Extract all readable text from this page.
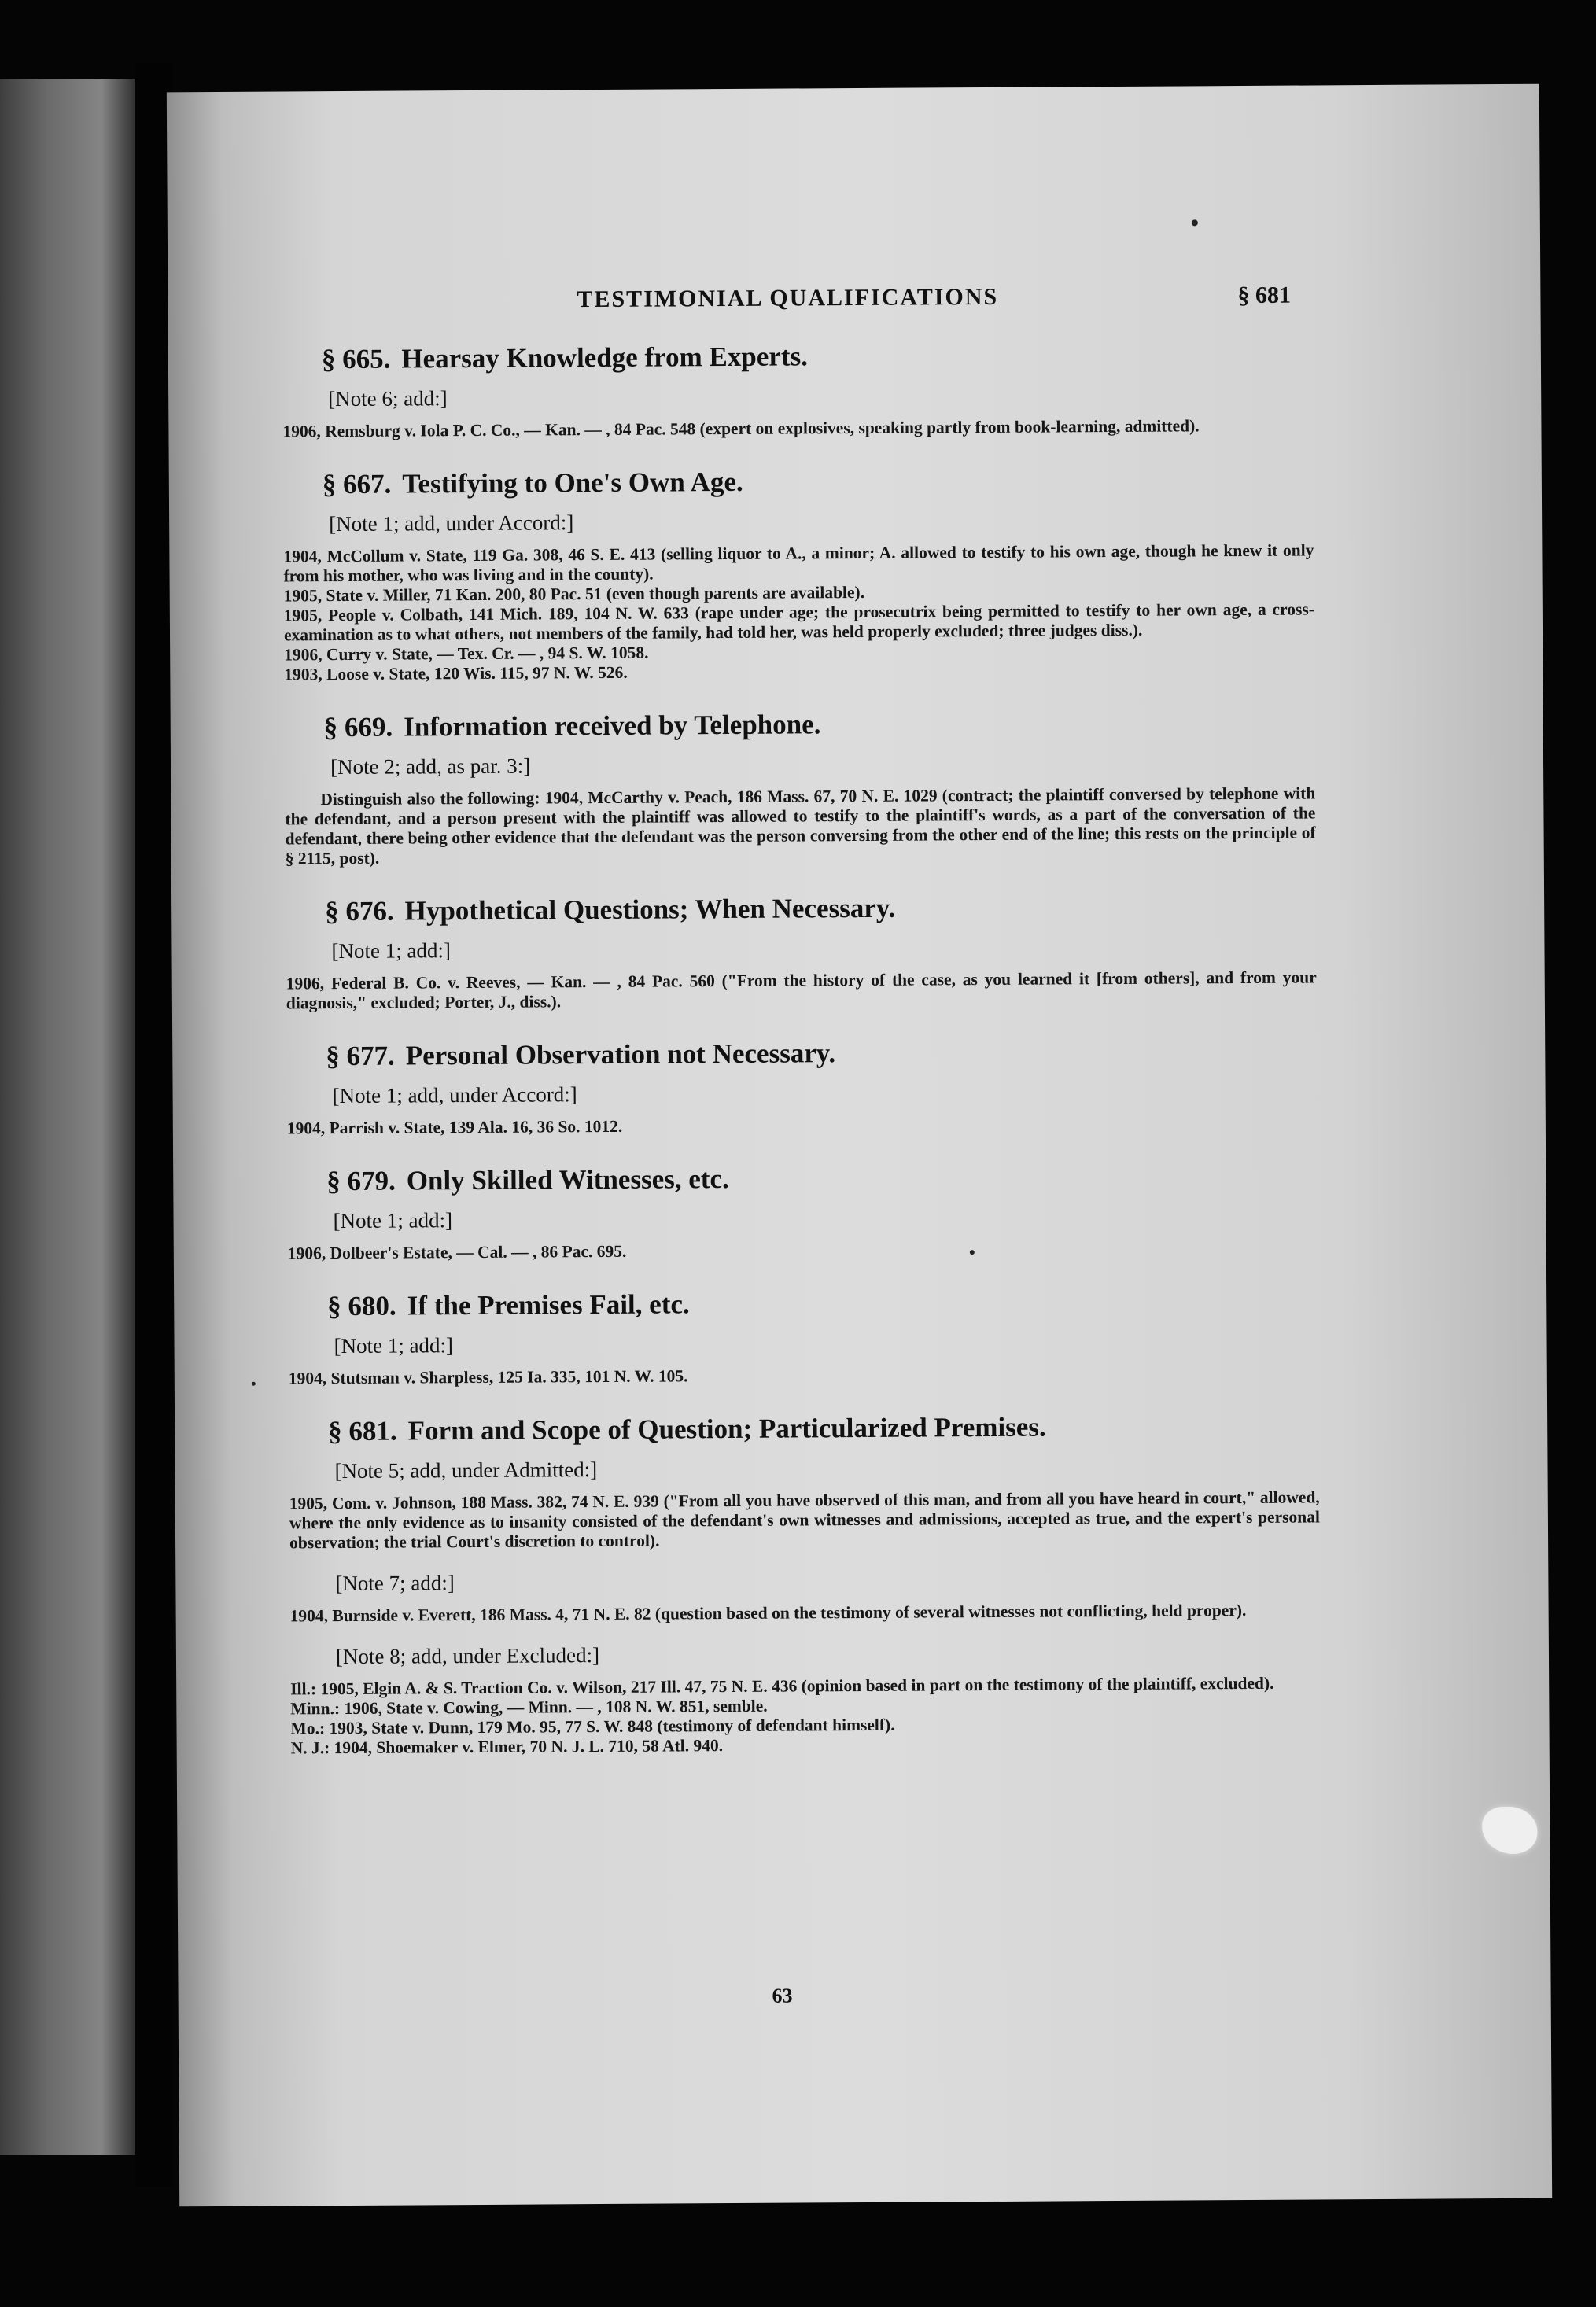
TESTIMONIAL QUALIFICATIONS	§ 681
§ 665. Hearsay Knowledge from Experts.
[Note 6; add:]

1906, Remsburg v. Iola P. C. Co., — Kan. — , 84 Pac. 548 (expert on explosives, speaking partly from book-learning, admitted).

§ 667. Testifying to One's Own Age.
[Note 1; add, under Accord:]

1904, McCollum v. State, 119 Ga. 308, 46 S. E. 413 (selling liquor to A., a minor; A. allowed to testify to his own age, though he knew it only from his mother, who was living and in the county).

1905, State v. Miller, 71 Kan. 200, 80 Pac. 51 (even though parents are available).

1905, People v. Colbath, 141 Mich. 189, 104 N. W. 633 (rape under age; the prosecutrix being permitted to testify to her own age, a cross-examination as to what others, not members of the family, had told her, was held properly excluded; three judges diss.).

1906, Curry v. State, — Tex. Cr. — , 94 S. W. 1058.

1903, Loose v. State, 120 Wis. 115, 97 N. W. 526.

§ 669. Information received by Telephone.
[Note 2; add, as par. 3:]

Distinguish also the following: 1904, McCarthy v. Peach, 186 Mass. 67, 70 N. E. 1029 (contract; the plaintiff conversed by telephone with the defendant, and a person present with the plaintiff was allowed to testify to the plaintiff's words, as a part of the conversation of the defendant, there being other evidence that the defendant was the person conversing from the other end of the line; this rests on the principle of § 2115, post).

§ 676. Hypothetical Questions; When Necessary.
[Note 1; add:]

1906, Federal B. Co. v. Reeves, — Kan. — , 84 Pac. 560 ("From the history of the case, as you learned it [from others], and from your diagnosis," excluded; Porter, J., diss.).

§ 677. Personal Observation not Necessary.
[Note 1; add, under Accord:]

1904, Parrish v. State, 139 Ala. 16, 36 So. 1012.

§ 679. Only Skilled Witnesses, etc.
[Note 1; add:]

1906, Dolbeer's Estate, — Cal. — , 86 Pac. 695.

§ 680. If the Premises Fail, etc.
[Note 1; add:]

1904, Stutsman v. Sharpless, 125 Ia. 335, 101 N. W. 105.

§ 681. Form and Scope of Question; Particularized Premises.
[Note 5; add, under Admitted:]

1905, Com. v. Johnson, 188 Mass. 382, 74 N. E. 939 ("From all you have observed of this man, and from all you have heard in court," allowed, where the only evidence as to insanity consisted of the defendant's own witnesses and admissions, accepted as true, and the expert's personal observation; the trial Court's discretion to control).

[Note 7; add:]

1904, Burnside v. Everett, 186 Mass. 4, 71 N. E. 82 (question based on the testimony of several witnesses not conflicting, held proper).

[Note 8; add, under Excluded:]

Ill.: 1905, Elgin A. & S. Traction Co. v. Wilson, 217 Ill. 47, 75 N. E. 436 (opinion based in part on the testimony of the plaintiff, excluded).

Minn.: 1906, State v. Cowing, — Minn. — , 108 N. W. 851, semble.

Mo.: 1903, State v. Dunn, 179 Mo. 95, 77 S. W. 848 (testimony of defendant himself).

N. J.: 1904, Shoemaker v. Elmer, 70 N. J. L. 710, 58 Atl. 940.

63
